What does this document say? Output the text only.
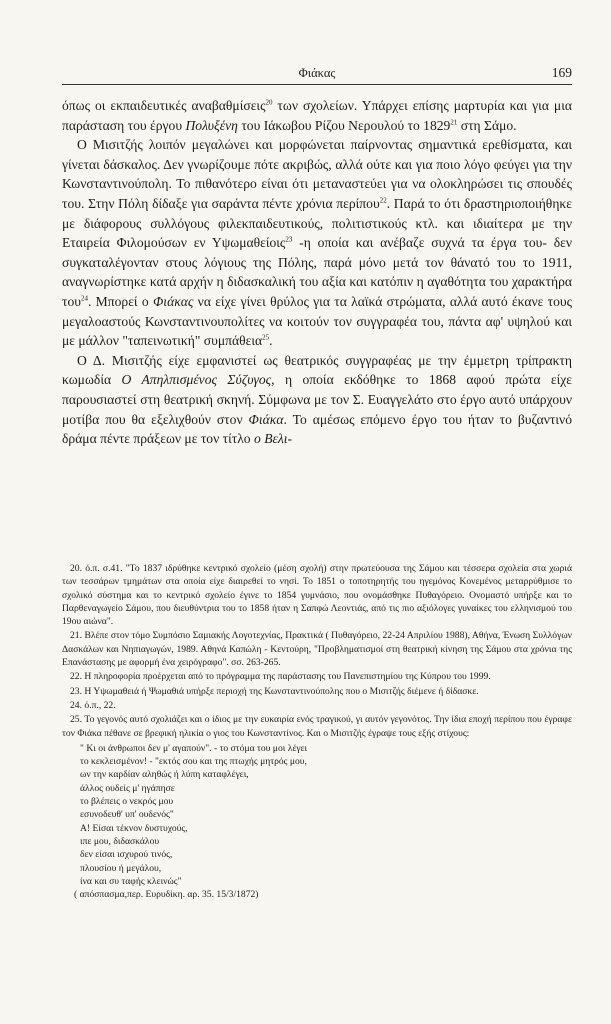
Φιάκας	169

όπως οι εκπαιδευτικές αναβαθμίσεις$^{20}$ των σχολείων. Υπάρχει επίσης μαρτυρία και για μια παράσταση του έργου Πολυξένη του Ιάκωβου Ρίζου Νερουλού το 1829$^{21}$ στη Σάμο.

Ο Μισιτζής λοιπόν μεγαλώνει και μορφώνεται παίρνοντας σημαντικά ερεθίσματα, και γίνεται δάσκαλος. Δεν γνωρίζουμε πότε ακριβώς, αλλά ούτε και για ποιο λόγο φεύγει για την Κωνσταντινούπολη. Το πιθανότερο είναι ότι μεταναστεύει για να ολοκληρώσει τις σπουδές του. Στην Πόλη δίδαξε για σαράντα πέντε χρόνια περίπου$^{22}$. Παρά το ότι δραστηριοποιήθηκε με διάφορους συλλόγους φιλεκπαιδευτικούς, πολιτιστικούς κτλ. και ιδιαίτερα με την Εταιρεία Φιλομούσων εν Υψωμαθείοις$^{23}$ -η οποία και ανέβαζε συχνά τα έργα του- δεν συγκαταλέγονταν στους λόγιους της Πόλης, παρά μόνο μετά τον θάνατό του το 1911, αναγνωρίστηκε κατά αρχήν η διδασκαλική του αξία και κατόπιν η αγαθότητα του χαρακτήρα του$^{24}$. Μπορεί ο Φιάκας να είχε γίνει θρύλος για τα λαϊκά στρώματα, αλλά αυτό έκανε τους μεγαλοαστούς Κωνσταντινουπολίτες να κοιτούν τον συγγραφέα του, πάντα αφ' υψηλού και με μάλλον "ταπεινωτική" συμπάθεια$^{25}$.

Ο Δ. Μισιτζής είχε εμφανιστεί ως θεατρικός συγγραφέας με την έμμετρη τρίπρακτη κωμωδία Ο Απηλπισμένος Σύζυγος, η οποία εκδόθηκε το 1868 αφού πρώτα είχε παρουσιαστεί στη θεατρική σκηνή. Σύμφωνα με τον Σ. Ευαγγελάτο στο έργο αυτό υπάρχουν μοτίβα που θα εξελιχθούν στον Φιάκα. Το αμέσως επόμενο έργο του ήταν το βυζαντινό δράμα πέντε πράξεων με τον τίτλο ο Βελι-

20. ό.π. σ.41. "Το 1837 ιδρύθηκε κεντρικό σχολείο (μέση σχολή) στην πρωτεύουσα της Σάμου και τέσσερα σχολεία στα χωριά των τεσσάρων τμημάτων στα οποία είχε διαιρεθεί το νησί. Το 1851 ο τοποτηρητής του ηγεμόνος Κονεμένος μεταρρύθμισε το σχολικό σύστημα και το κεντρικό σχολείο έγινε το 1854 γυμνάσιο, που ονομάσθηκε Πυθαγόρειο. Ονομαστό υπήρξε και το Παρθεναγωγείο Σάμου, που διευθύντρια του το 1858 ήταν η Σαπφώ Λεοντιάς, από τις πιο αξιόλογες γυναίκες του ελληνισμού του 19ου αιώνα".

21. Βλέπε στον τόμο Συμπόσιο Σαμιακής Λογοτεχνίας, Πρακτικά ( Πυθαγόρειο, 22-24 Απριλίου 1988), Αθήνα, Ένωση Συλλόγων Δασκάλων και Νηπιαγωγών, 1989. Αθηνά Καπώλη - Κεντούρη, "Προβληματισμοί στη θεατρική κίνηση της Σάμου στα χρόνια της Επανάστασης με αφορμή ένα χειρόγραφο". σσ. 263-265.

22. Η πληροφορία προέρχεται από το πρόγραμμα της παράστασης του Πανεπιστημίου της Κύπρου του 1999.

23. Η Υψωμαθειά ή Ψωμαθιά υπήρξε περιοχή της Κωνσταντινούπολης που ο Μισιτζής διέμενε ή δίδασκε.

24. ό.π., 22.

25. Το γεγονός αυτό σχολιάζει και ο ίδιος με την ευκαιρία ενός τραγικού, γι αυτόν γεγονότος. Την ίδια εποχή περίπου που έγραφε τον Φιάκα πέθανε σε βρεφική ηλικία ο γιος του Κωνσταντίνος. Και ο Μισιτζής έγραψε τους εξής στίχους:

" Κι οι άνθρωποι δεν μ' αγαπούν". - το στόμα του μοι λέγει
το κεκλεισμένον! - "εκτός σου και της πτωχής μητρός μου,
ων την καρδίαν αληθώς ή λύπη καταφλέγει,
άλλος ουδείς μ' ηγάπησε
το βλέπεις ο νεκρός μου
εσυνοδευθ' υπ' ουδενός"
Α! Είσαι τέκνον δυστυχούς,
ιπε μου, διδασκάλου
δεν είσαι ισχυρού τινός,
πλουσίου ή μεγάλου,
ίνα και συ ταφής κλεινώς"
( απόσπασμα,περ. Ευρυδίκη. αρ. 35. 15/3/1872)
